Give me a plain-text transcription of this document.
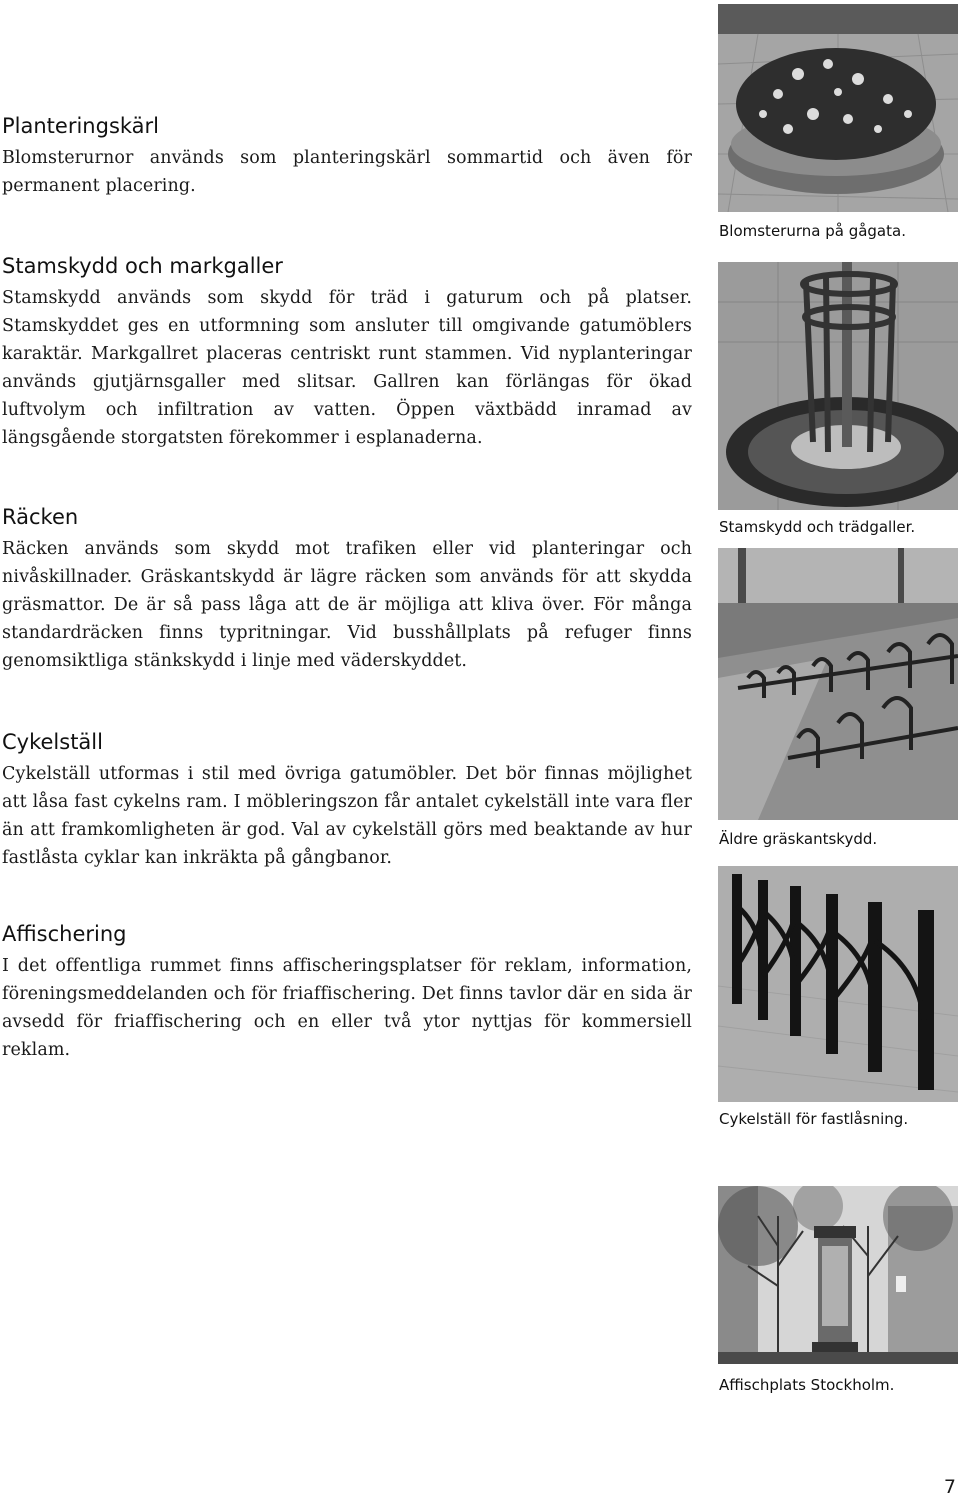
Planteringskärl

Blomsterurnor används som planteringskärl sommartid och även för permanent placering.

Stamskydd och markgaller

Stamskydd används som skydd för träd i gaturum och på platser. Stamskyddet ges en utformning som ansluter till omgivande gatumöblers karaktär. Markgallret placeras centriskt runt stammen. Vid nyplanteringar används gjutjärnsgaller med slitsar. Gallren kan förlängas för ökad luftvolym och infiltration av vatten. Öppen växtbädd inramad av längsgående storgatsten förekommer i esplanaderna.

Räcken

Räcken används som skydd mot trafiken eller vid planteringar och nivåskillnader. Gräskantskydd är lägre räcken som används för att skydda gräsmattor. De är så pass låga att de är möjliga att kliva över. För många standardräcken finns typritningar. Vid busshållplats på refuger finns genomsiktliga stänkskydd i linje med väderskyddet.

Cykelställ

Cykelställ utformas i stil med övriga gatumöbler. Det bör finnas möjlighet att låsa fast cykelns ram. I möbleringszon får antalet cykelställ inte vara fler än att framkomligheten är god. Val av cykelställ görs med beaktande av hur fastlåsta cyklar kan inkräkta på gångbanor.

Affischering

I det offentliga rummet finns affischeringsplatser för reklam, information, föreningsmeddelanden och för friaffischering. Det finns tavlor där en sida är avsedd för friaffischering och en eller två ytor nyttjas för kommersiell reklam.

Blomsterurna på gågata.
Stamskydd och trädgaller.
Äldre gräskantskydd.
Cykelställ för fastlåsning.
Affischplats Stockholm.
7
